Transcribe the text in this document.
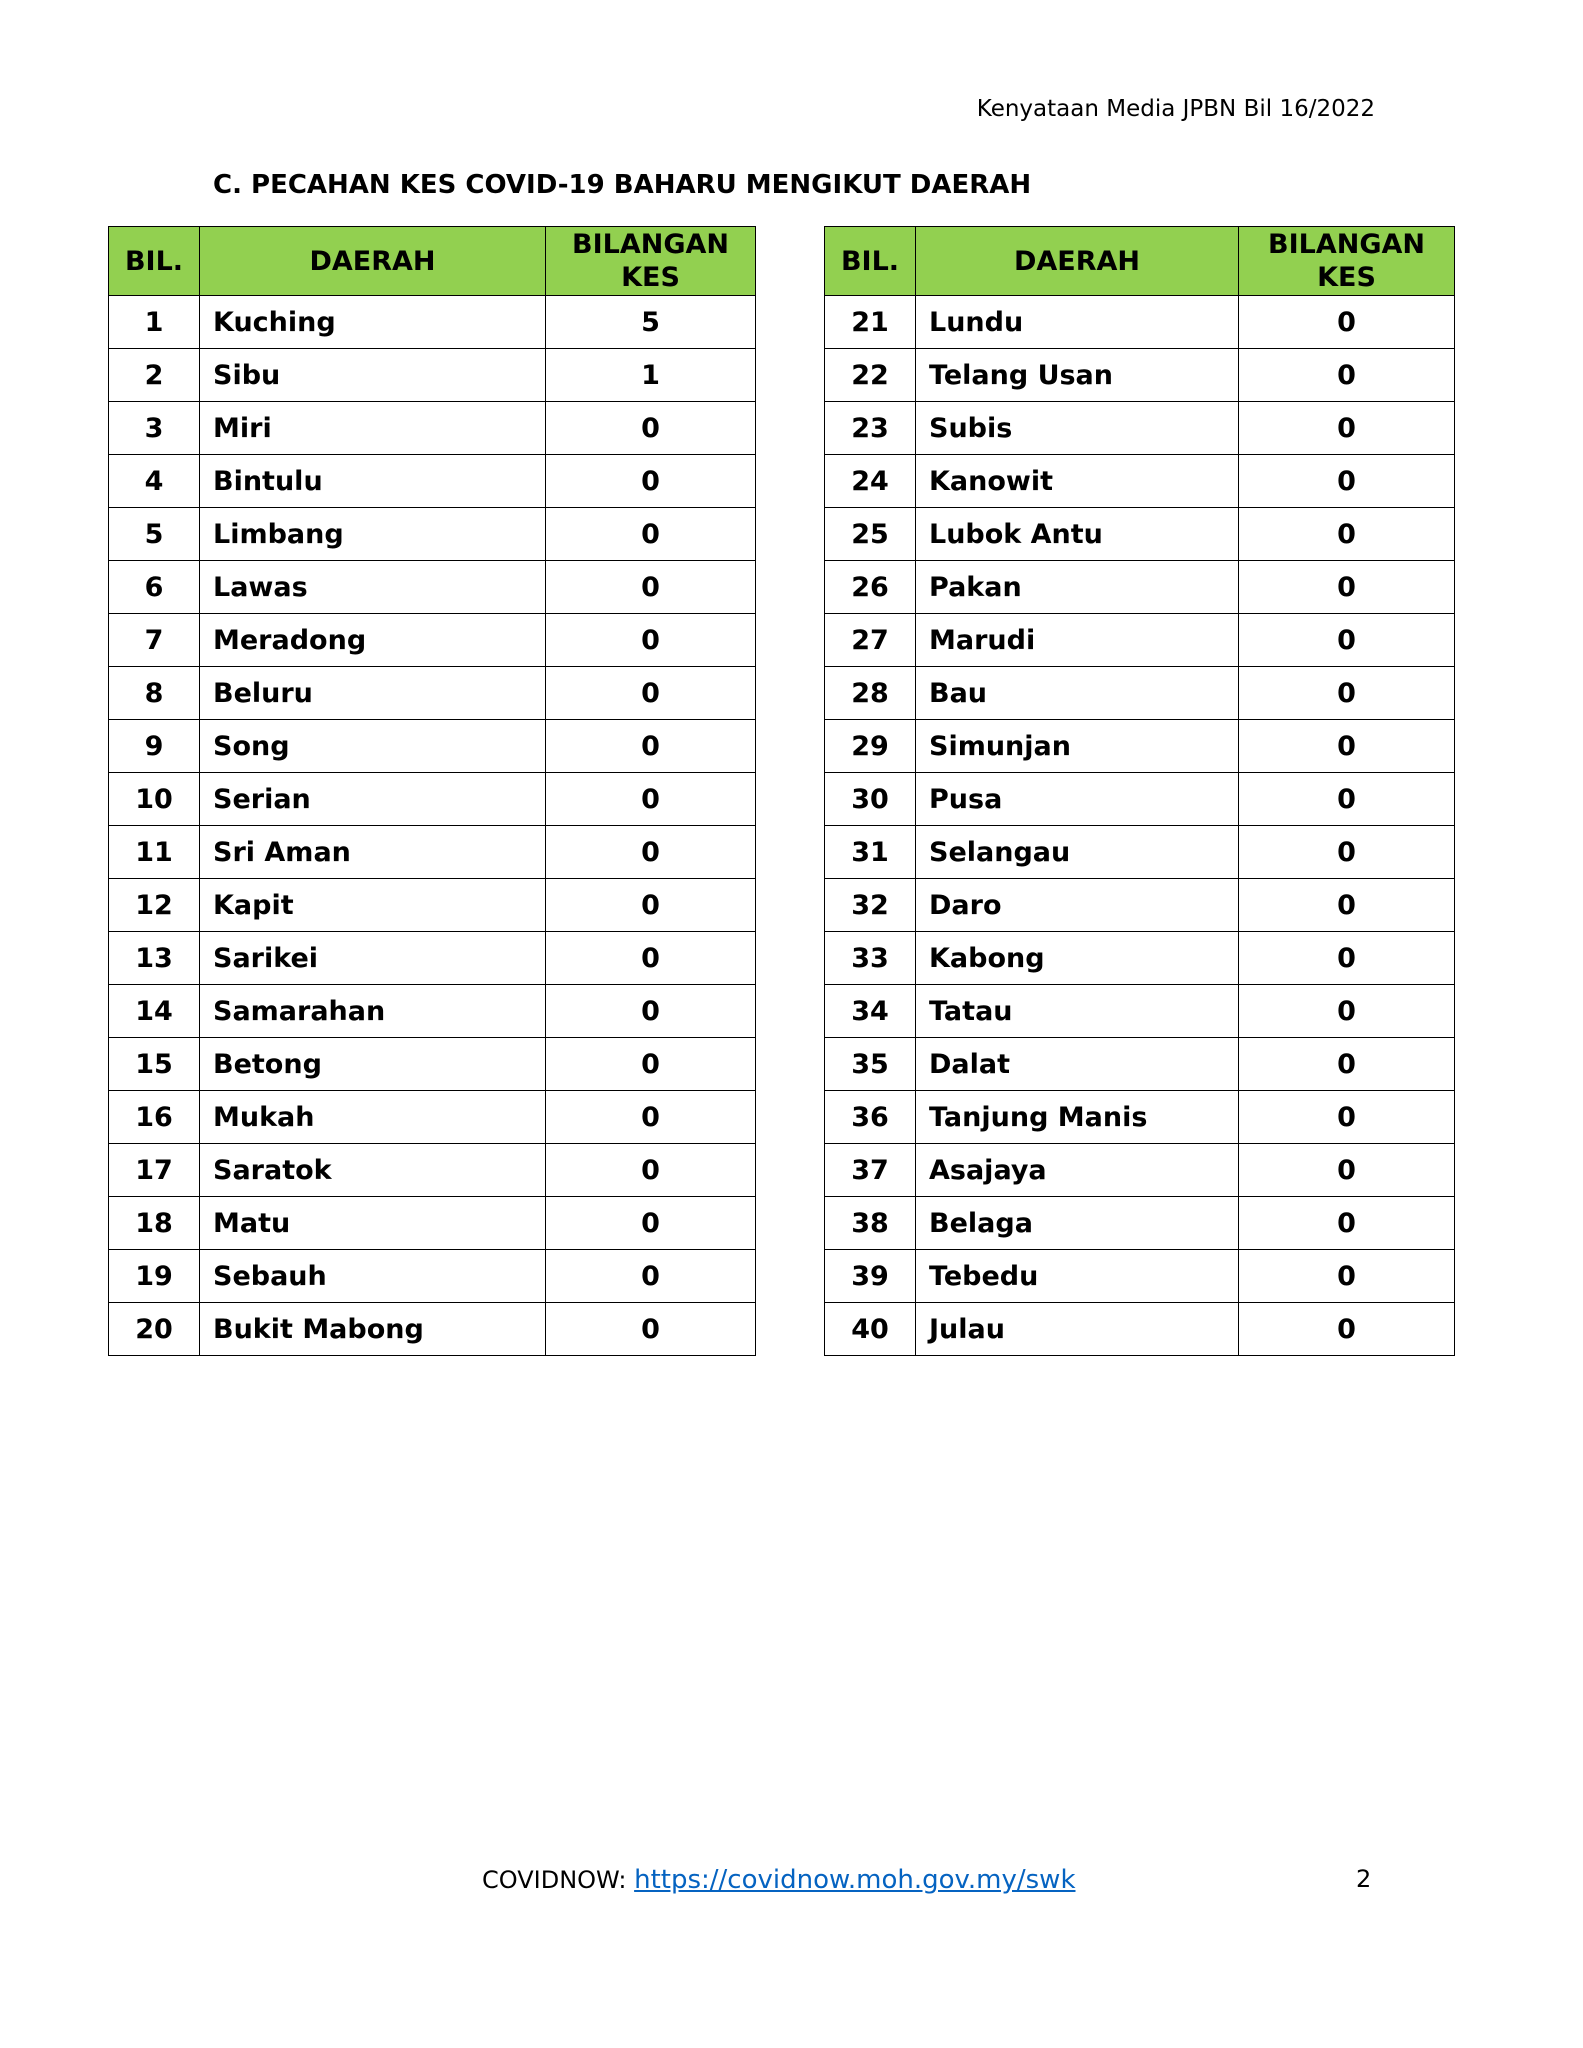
Kenyataan Media JPBN Bil 16/2022
C. PECAHAN KES COVID-19 BAHARU MENGIKUT DAERAH
BIL.	DAERAH	BILANGAN
KES

1	Kuching	5
2	Sibu	1
3	Miri	0
4	Bintulu	0
5	Limbang	0
6	Lawas	0
7	Meradong	0
8	Beluru	0
9	Song	0
10	Serian	0
11	Sri Aman	0
12	Kapit	0
13	Sarikei	0
14	Samarahan	0
15	Betong	0
16	Mukah	0
17	Saratok	0
18	Matu	0
19	Sebauh	0
20	Bukit Mabong	0
BIL.	DAERAH	BILANGAN
KES

21	Lundu	0
22	Telang Usan	0
23	Subis	0
24	Kanowit	0
25	Lubok Antu	0
26	Pakan	0
27	Marudi	0
28	Bau	0
29	Simunjan	0
30	Pusa	0
31	Selangau	0
32	Daro	0
33	Kabong	0
34	Tatau	0
35	Dalat	0
36	Tanjung Manis	0
37	Asajaya	0
38	Belaga	0
39	Tebedu	0
40	Julau	0
COVIDNOW: https://covidnow.moh.gov.my/swk	2
